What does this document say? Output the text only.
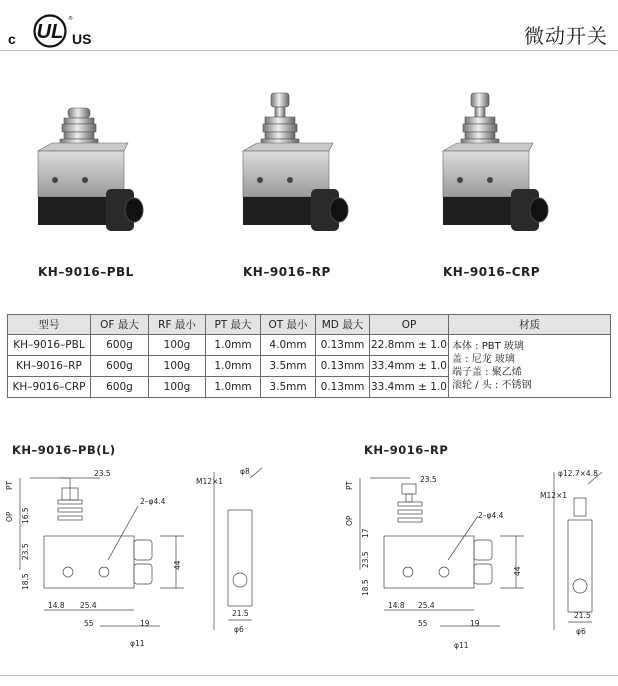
c UL
®
US	微动开关
KH–9016–PBL	KH–9016–RP	KH–9016–CRP
型号	OF 最大	RF 最小	PT 最大	OT 最小	MD 最大	OP	材质
KH–9016–PBL	600g	100g	1.0mm	4.0mm	0.13mm	22.8mm ± 1.0	本体 : PBT 玻璃
盖 : 尼龙 玻璃
端子盖 : 聚乙烯
滚轮 / 头 : 不锈钢

KH–9016–RP	600g	100g	1.0mm	3.5mm	0.13mm	33.4mm ± 1.0	
KH–9016–CRP	600g	100g	1.0mm	3.5mm	0.13mm	33.4mm ± 1.0	
KH–9016–PB(L)	KH–9016–RP
23.5
2–φ4.4
PT
OP 16.5
23.5
18.5
44
14.8 25.4
55	19
φ11
M12×1
φ8
21.5
φ6
23.5
2–φ4.4
PT
OP
17
23.5
18.5
44
14.8 25.4
55	19
φ11
M12×1
φ12.7×4.8
21.5
φ6
